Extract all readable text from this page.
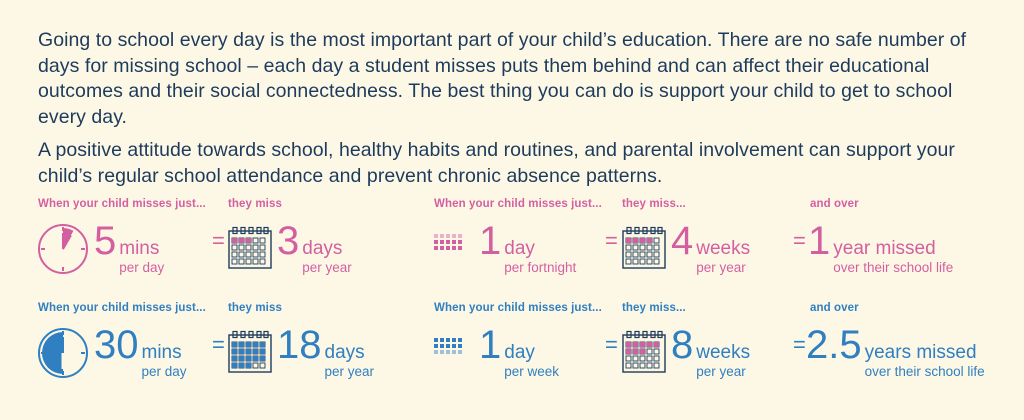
Going to school every day is the most important part of your child’s education. There are no safe number of days for missing school – each day a student misses puts them behind and can affect their educational outcomes and their social connectedness. The best thing you can do is support your child to get to school every day.

A positive attitude towards school, healthy habits and routines, and parental involvement can support your child’s regular school attendance and prevent chronic absence patterns.

When your child misses just... they miss	When your child misses just... they miss...	and over
5 mins
per day
= 3 days
per year
1 day
per fortnight
= 4 weeks
per year
= 1 year missed
over their school life
When your child misses just... they miss	When your child misses just... they miss...	and over
30 mins
per day
= 18 days
per year
1 day
per week
= 8 weeks
per year
= 2.5 years missed
over their school life
